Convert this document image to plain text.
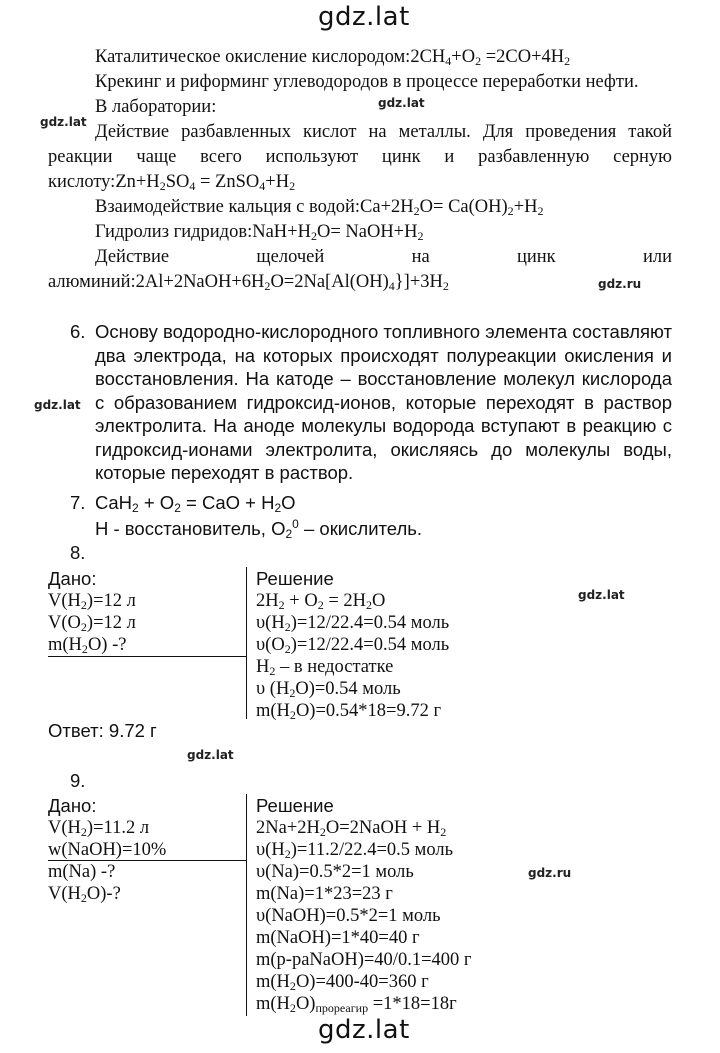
gdz.lat
gdz.lat
gdz.lat
gdz.lat
gdz.ru
gdz.lat
gdz.lat
gdz.lat
gdz.ru
Каталитическое окисление $кислородом:2CH_4+O_2 =2CO+4H_2$
Крекинг и риформинг углеводородов в процессе переработки нефти.
В лаборатории:
Действие разбавленных кислот на металлы. Для проведения такой
реакции чаще всего используют цинк и разбавленную серную
$кислоту:Zn+H_2SO_4$ = $ZnSO_4+H_2$
Взаимодействие кальция с $водой:Ca+2H_2O= Ca(OH)_2+H_2$
Гидролиз $гидридов:NaH+H_2O=$ $NaOH+H_2$
Действие щелочей на цинк или
$алюминий:2Al+2NaOH+6H_2O=2Na[Al(OH)_4\}]+3H_2$
6. Основу водородно-кислородного топливного элемента составляют два электрода, на которых происходят полуреакции окисления и восстановления. На катоде – восстановление молекул кислорода с образованием гидроксид-ионов, которые переходят в раствор электролита. На аноде молекулы водорода вступают в реакцию с гидроксид-ионами электролита, окисляясь до молекулы воды, которые переходят в раствор.
7. $CaH_2 + O_2$ = CaO + $H_2O$
H - восстановитель, $O_2^0$ – окислитель.
8.
Дано:
$V(H_2)=12$ л
$V(O_2)=12$ л
$m(H_2O)$ -?
Решение
$2H_2 + O_2 = 2H_2O$
$\upsilon(H_2)=12/22.4=0.54$ моль
$\upsilon(O_2)=12/22.4=0.54$ моль
$H_2$ – в недостатке
υ $(H_2O)=0.54$ моль
$m(H_2O)=0.54*18=9.72$ г
Ответ: 9.72 г
9.
Дано:
$V(H_2)=11.2$ л
w(NaOH)=10%
m(Na) -?
$V(H_2O)-$?
Решение
$2Na+2H_2O=2NaOH + H_2$
$\upsilon(H_2)=11.2/22.4=0.5$ моль
υ(Na)=0.5*2=1 моль
m(Na)=1*23=23 г
υ(NaOH)=0.5*2=1 моль
m(NaOH)=1*40=40 г
m(р-раNaOH)=40/0.1=400 г
$m(H_2O)=400-40=360$ г
$m(H_2O)_{прореагир} =1*18=18г$
